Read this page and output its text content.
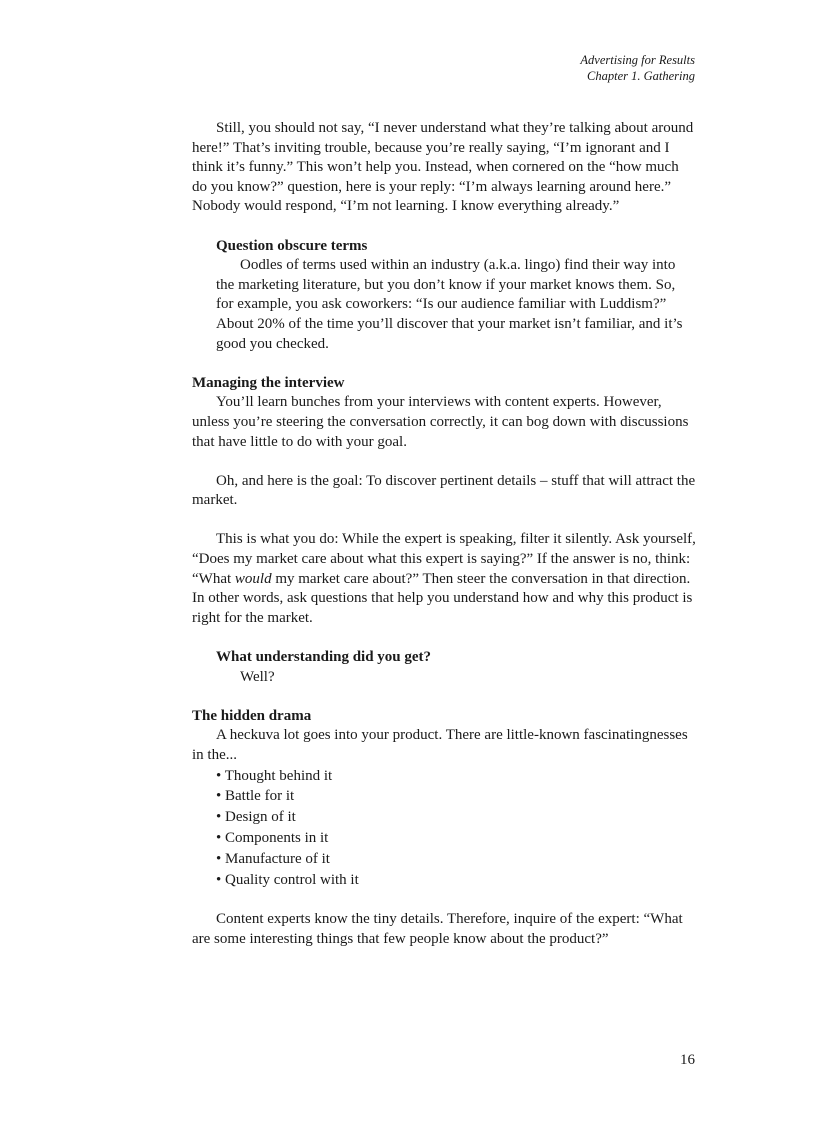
Advertising for Results
Chapter 1. Gathering

Still, you should not say, “I never understand what they’re talking about around here!” That’s inviting trouble, because you’re really saying, “I’m ignorant and I think it’s funny.” This won’t help you. Instead, when cornered on the “how much do you know?” question, here is your reply: “I’m always learning around here.” Nobody would respond, “I’m not learning. I know everything already.”

Question obscure terms

Oodles of terms used within an industry (a.k.a. lingo) find their way into the marketing literature, but you don’t know if your market knows them. So, for example, you ask coworkers: “Is our audience familiar with Luddism?” About 20% of the time you’ll discover that your market isn’t familiar, and it’s good you checked.

Managing the interview

You’ll learn bunches from your interviews with content experts. However, unless you’re steering the conversation correctly, it can bog down with discussions that have little to do with your goal.

Oh, and here is the goal: To discover pertinent details – stuff that will attract the market.

This is what you do: While the expert is speaking, filter it silently. Ask yourself, “Does my market care about what this expert is saying?” If the answer is no, think: “What would my market care about?” Then steer the conversation in that direction. In other words, ask questions that help you understand how and why this product is right for the market.

What understanding did you get?

Well?

The hidden drama

A heckuva lot goes into your product. There are little-known fascinatingnesses in the...

• Thought behind it
• Battle for it
• Design of it
• Components in it
• Manufacture of it
• Quality control with it

Content experts know the tiny details. Therefore, inquire of the expert: “What are some interesting things that few people know about the product?”

16
